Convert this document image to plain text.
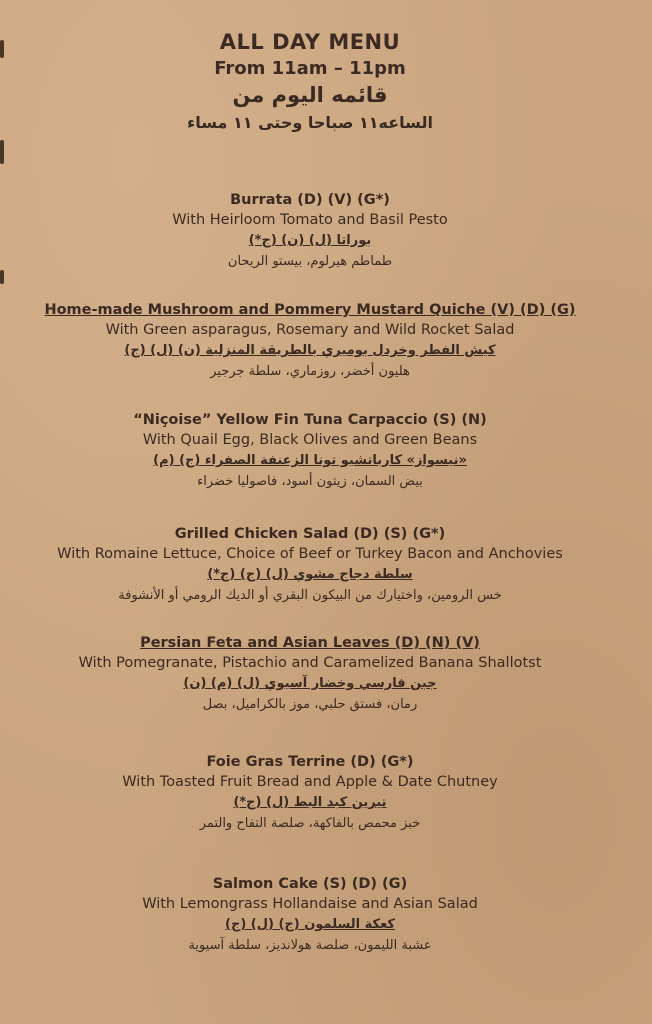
ALL DAY MENU
From 11am – 11pm
قائمه اليوم من
الساعه١١ صباحا وحتى ١١ مساء
Burrata (D) (V) (G*)
With Heirloom Tomato and Basil Pesto
بوراتا (ل) (ن) (ج*)
طماطم هيرلوم، بيستو الريحان
Home-made Mushroom and Pommery Mustard Quiche (V) (D) (G)
With Green asparagus, Rosemary and Wild Rocket Salad
كيش الفطر وخردل بوميري بالطريقة المنزلية (ن) (ل) (ج)
هليون أخضر، روزماري، سلطة جرجير
“Niçoise” Yellow Fin Tuna Carpaccio (S) (N)
With Quail Egg, Black Olives and Green Beans
«نيسواز» كارباتشيو تونا الزعنفة الصفراء (ج) (م)
بيض السمان، زيتون أسود، فاصوليا خضراء
Grilled Chicken Salad (D) (S) (G*)
With Romaine Lettuce, Choice of Beef or Turkey Bacon and Anchovies
سلطة دجاج مشوي (ل) (ج) (ج*)
خس الرومين، واختيارك من البيكون البقري أو الديك الرومي أو الأنشوفة
Persian Feta and Asian Leaves (D) (N) (V)
With Pomegranate, Pistachio and Caramelized Banana Shallotst
جبن فارسي وخضار آسيوي (ل) (م) (ن)
رمان، فستق حلبي، موز بالكراميل، بصل
Foie Gras Terrine (D) (G*)
With Toasted Fruit Bread and Apple & Date Chutney
تيرين كبد البط (ل) (ج*)
خبز محمص بالفاكهة، صلصة التفاح والتمر
Salmon Cake (S) (D) (G)
With Lemongrass Hollandaise and Asian Salad
كعكة السلمون (ج) (ل) (ج)
عشبة الليمون، صلصة هولانديز، سلطة آسيوية
